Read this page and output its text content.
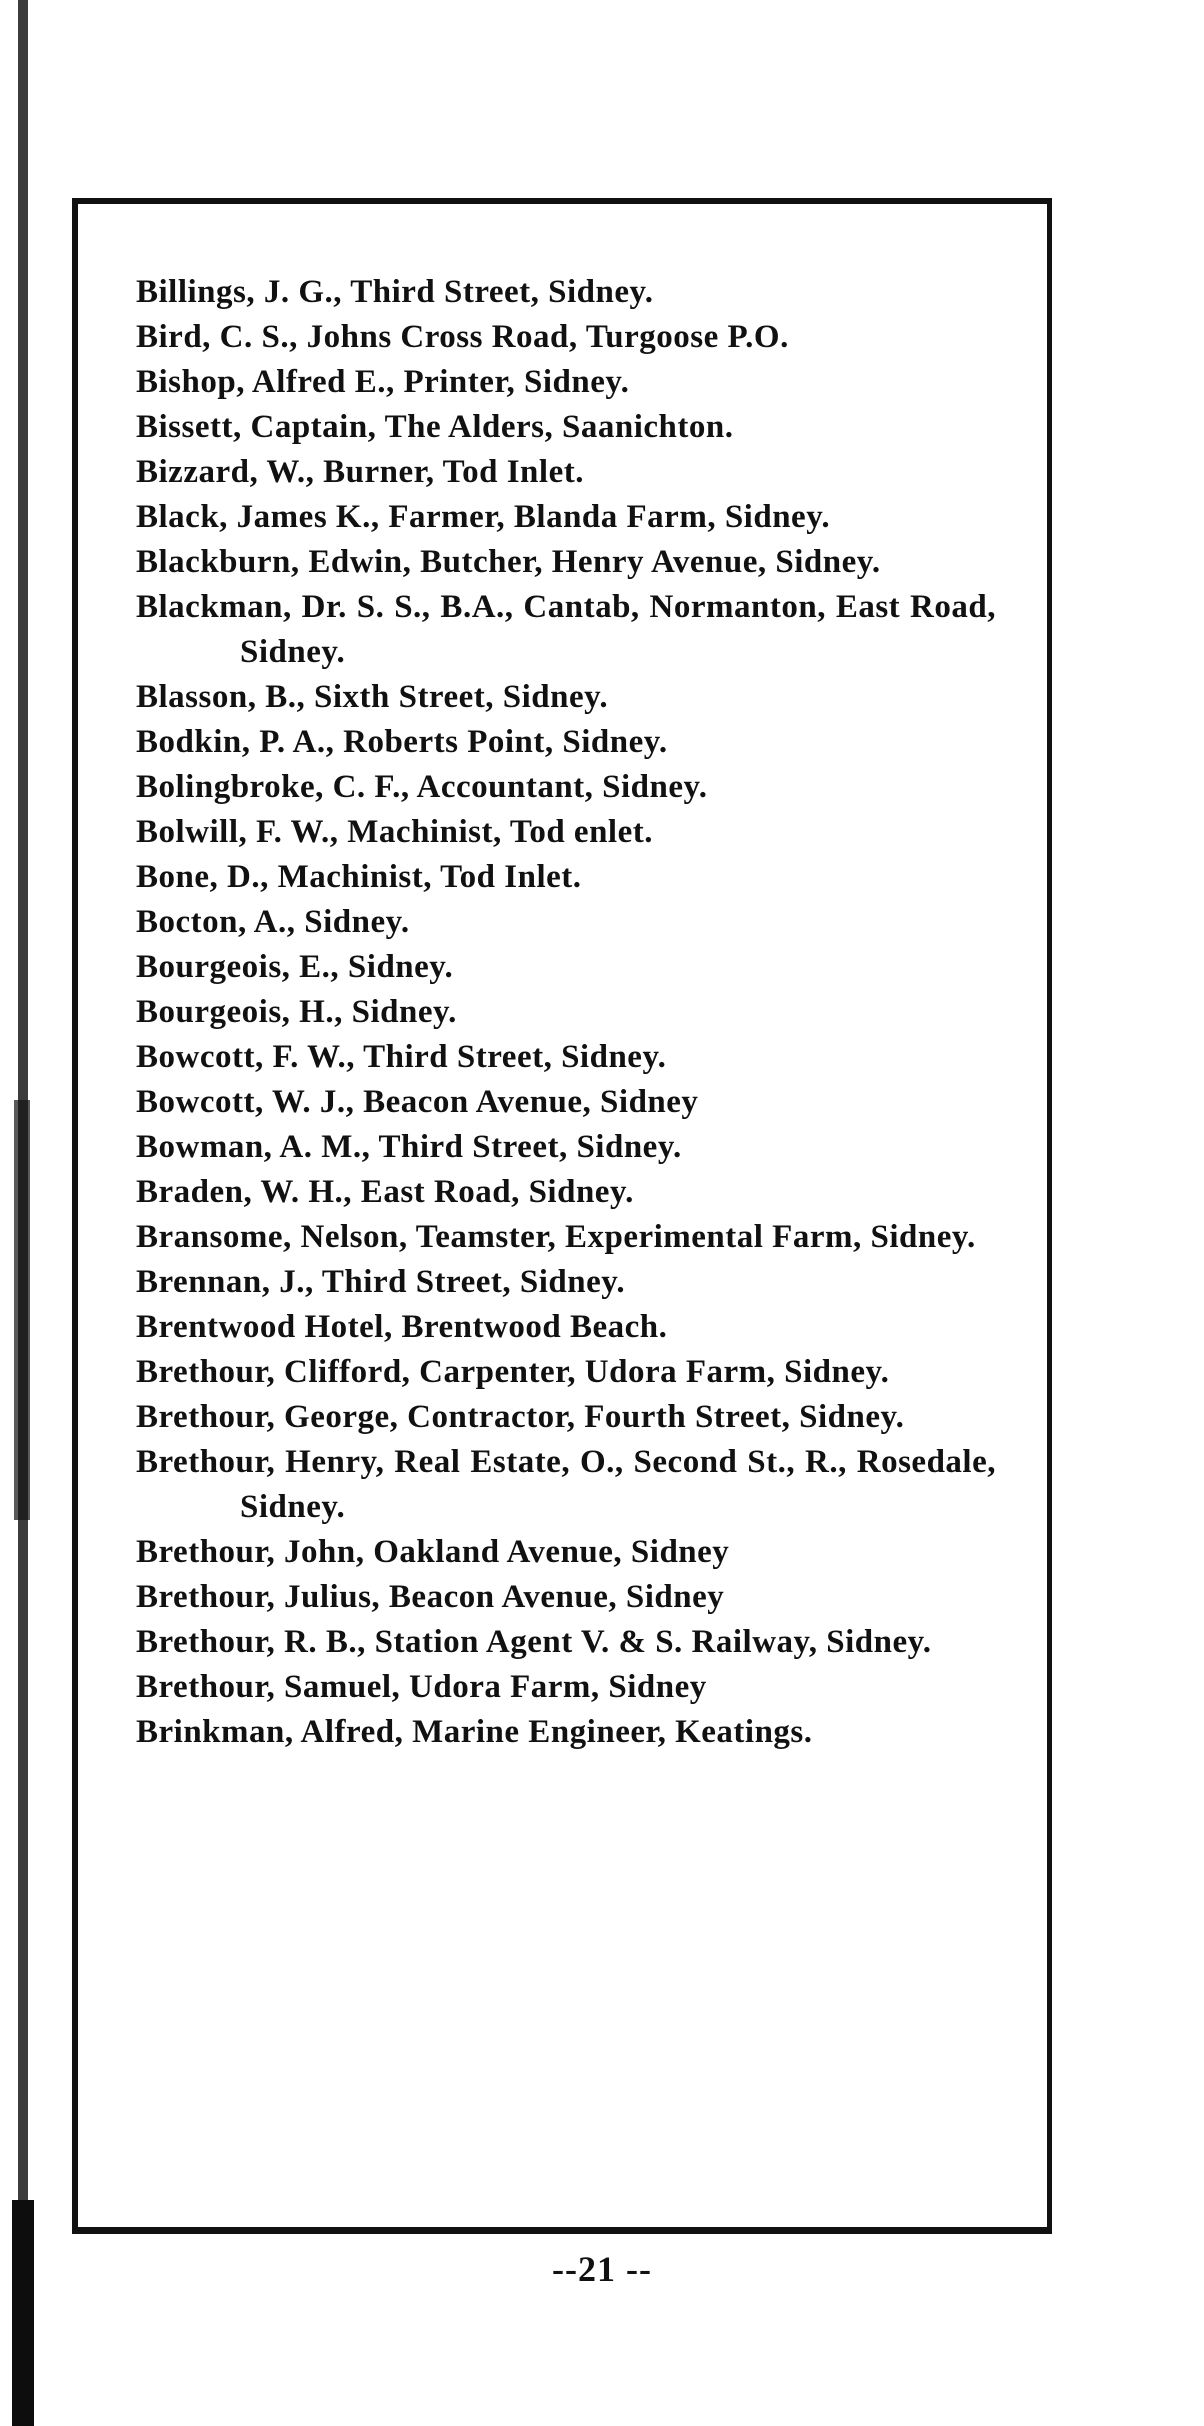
Billings, J. G., Third Street, Sidney.
Bird, C. S., Johns Cross Road, Turgoose P.O.
Bishop, Alfred E., Printer, Sidney.
Bissett, Captain, The Alders, Saanichton.
Bizzard, W., Burner, Tod Inlet.
Black, James K., Farmer, Blanda Farm, Sidney.
Blackburn, Edwin, Butcher, Henry Avenue, Sidney.
Blackman, Dr. S. S., B.A., Cantab, Normanton, East Road, Sidney.
Blasson, B., Sixth Street, Sidney.
Bodkin, P. A., Roberts Point, Sidney.
Bolingbroke, C. F., Accountant, Sidney.
Bolwill, F. W., Machinist, Tod enlet.
Bone, D., Machinist, Tod Inlet.
Bocton, A., Sidney.
Bourgeois, E., Sidney.
Bourgeois, H., Sidney.
Bowcott, F. W., Third Street, Sidney.
Bowcott, W. J., Beacon Avenue, Sidney
Bowman, A. M., Third Street, Sidney.
Braden, W. H., East Road, Sidney.
Bransome, Nelson, Teamster, Experimental Farm, Sidney.
Brennan, J., Third Street, Sidney.
Brentwood Hotel, Brentwood Beach.
Brethour, Clifford, Carpenter, Udora Farm, Sidney.
Brethour, George, Contractor, Fourth Street, Sidney.
Brethour, Henry, Real Estate, O., Second St., R., Rosedale, Sidney.
Brethour, John, Oakland Avenue, Sidney
Brethour, Julius, Beacon Avenue, Sidney
Brethour, R. B., Station Agent V. & S. Railway, Sidney.
Brethour, Samuel, Udora Farm, Sidney
Brinkman, Alfred, Marine Engineer, Keatings.
--21 --
